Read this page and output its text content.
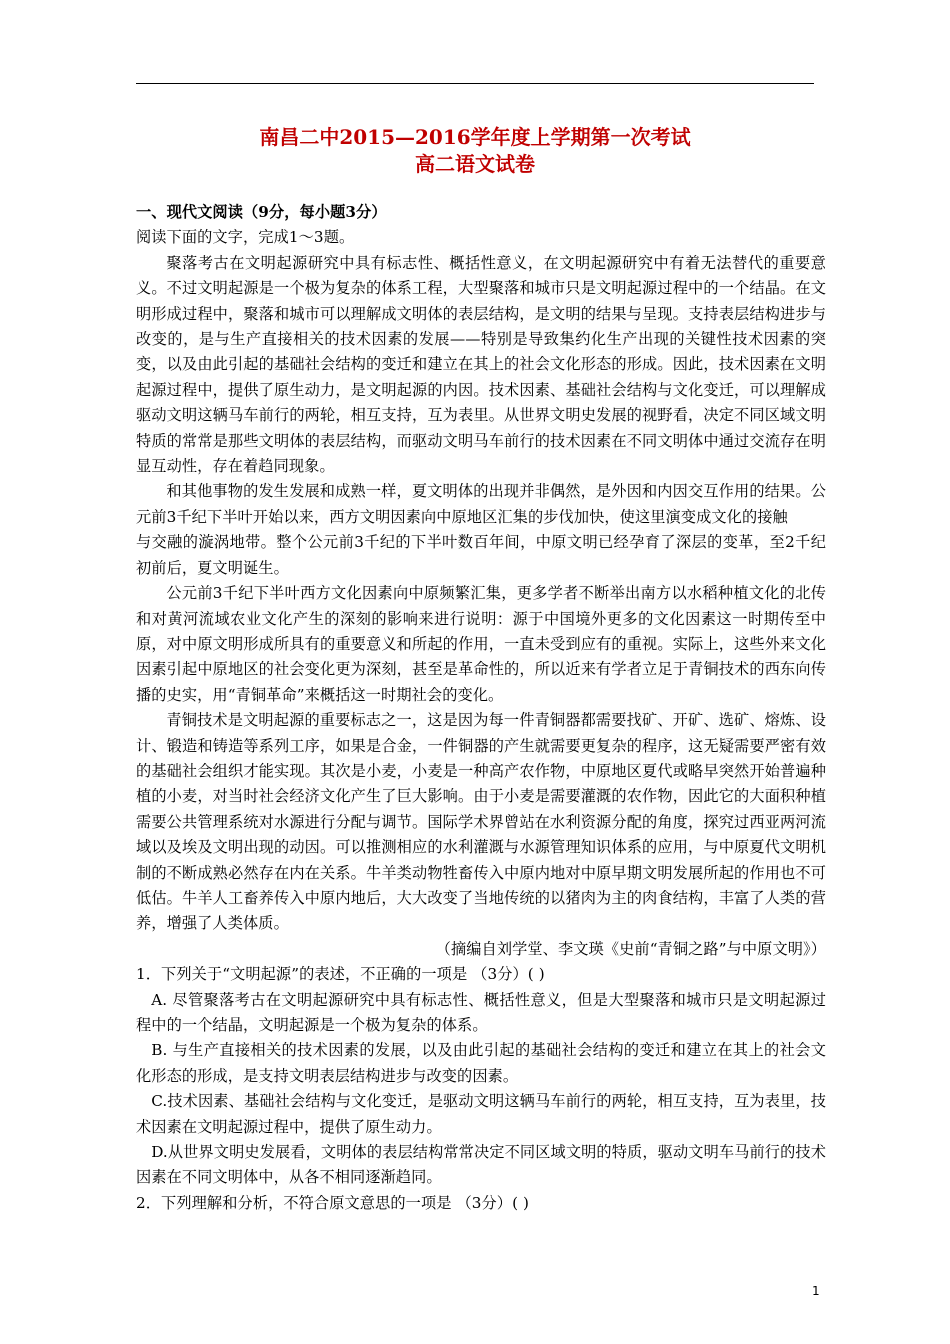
南昌二中2015—2016学年度上学期第一次考试
高二语文试卷

一、现代文阅读（9分，每小题3分）

阅读下面的文字，完成1～3题。

聚落考古在文明起源研究中具有标志性、概括性意义，在文明起源研究中有着无法替代的重要意义。不过文明起源是一个极为复杂的体系工程，大型聚落和城市只是文明起源过程中的一个结晶。在文明形成过程中，聚落和城市可以理解成文明体的表层结构，是文明的结果与呈现。支持表层结构进步与改变的，是与生产直接相关的技术因素的发展——特别是导致集约化生产出现的关键性技术因素的突变，以及由此引起的基础社会结构的变迁和建立在其上的社会文化形态的形成。因此，技术因素在文明起源过程中，提供了原生动力，是文明起源的内因。技术因素、基础社会结构与文化变迁，可以理解成驱动文明这辆马车前行的两轮，相互支持，互为表里。从世界文明史发展的视野看，决定不同区域文明特质的常常是那些文明体的表层结构，而驱动文明马车前行的技术因素在不同文明体中通过交流存在明显互动性，存在着趋同现象。

和其他事物的发生发展和成熟一样，夏文明体的出现并非偶然，是外因和内因交互作用的结果。公元前3千纪下半叶开始以来，西方文明因素向中原地区汇集的步伐加快，使这里演变成文化的接触

与交融的漩涡地带。整个公元前3千纪的下半叶数百年间，中原文明已经孕育了深层的变革，至2千纪初前后，夏文明诞生。

公元前3千纪下半叶西方文化因素向中原频繁汇集，更多学者不断举出南方以水稻种植文化的北传和对黄河流域农业文化产生的深刻的影响来进行说明：源于中国境外更多的文化因素这一时期传至中原，对中原文明形成所具有的重要意义和所起的作用，一直未受到应有的重视。实际上，这些外来文化因素引起中原地区的社会变化更为深刻，甚至是革命性的，所以近来有学者立足于青铜技术的西东向传播的史实，用“青铜革命”来概括这一时期社会的变化。

青铜技术是文明起源的重要标志之一，这是因为每一件青铜器都需要找矿、开矿、选矿、熔炼、设计、锻造和铸造等系列工序，如果是合金，一件铜器的产生就需要更复杂的程序，这无疑需要严密有效的基础社会组织才能实现。其次是小麦，小麦是一种高产农作物，中原地区夏代或略早突然开始普遍种植的小麦，对当时社会经济文化产生了巨大影响。由于小麦是需要灌溉的农作物，因此它的大面积种植需要公共管理系统对水源进行分配与调节。国际学术界曾站在水利资源分配的角度，探究过西亚两河流域以及埃及文明出现的动因。可以推测相应的水利灌溉与水源管理知识体系的应用，与中原夏代文明机制的不断成熟必然存在内在关系。牛羊类动物牲畜传入中原内地对中原早期文明发展所起的作用也不可低估。牛羊人工畜养传入中原内地后，大大改变了当地传统的以猪肉为主的肉食结构，丰富了人类的营养，增强了人类体质。

（摘编自刘学堂、李文瑛《史前“青铜之路”与中原文明》）

1．下列关于“文明起源”的表述，不正确的一项是 （3分）( )

A. 尽管聚落考古在文明起源研究中具有标志性、概括性意义，但是大型聚落和城市只是文明起源过程中的一个结晶，文明起源是一个极为复杂的体系。

B. 与生产直接相关的技术因素的发展，以及由此引起的基础社会结构的变迁和建立在其上的社会文化形态的形成，是支持文明表层结构进步与改变的因素。

C.技术因素、基础社会结构与文化变迁，是驱动文明这辆马车前行的两轮，相互支持，互为表里，技术因素在文明起源过程中，提供了原生动力。

D.从世界文明史发展看，文明体的表层结构常常决定不同区域文明的特质，驱动文明车马前行的技术因素在不同文明体中，从各不相同逐渐趋同。

2．下列理解和分析，不符合原文意思的一项是 （3分）( )

1
